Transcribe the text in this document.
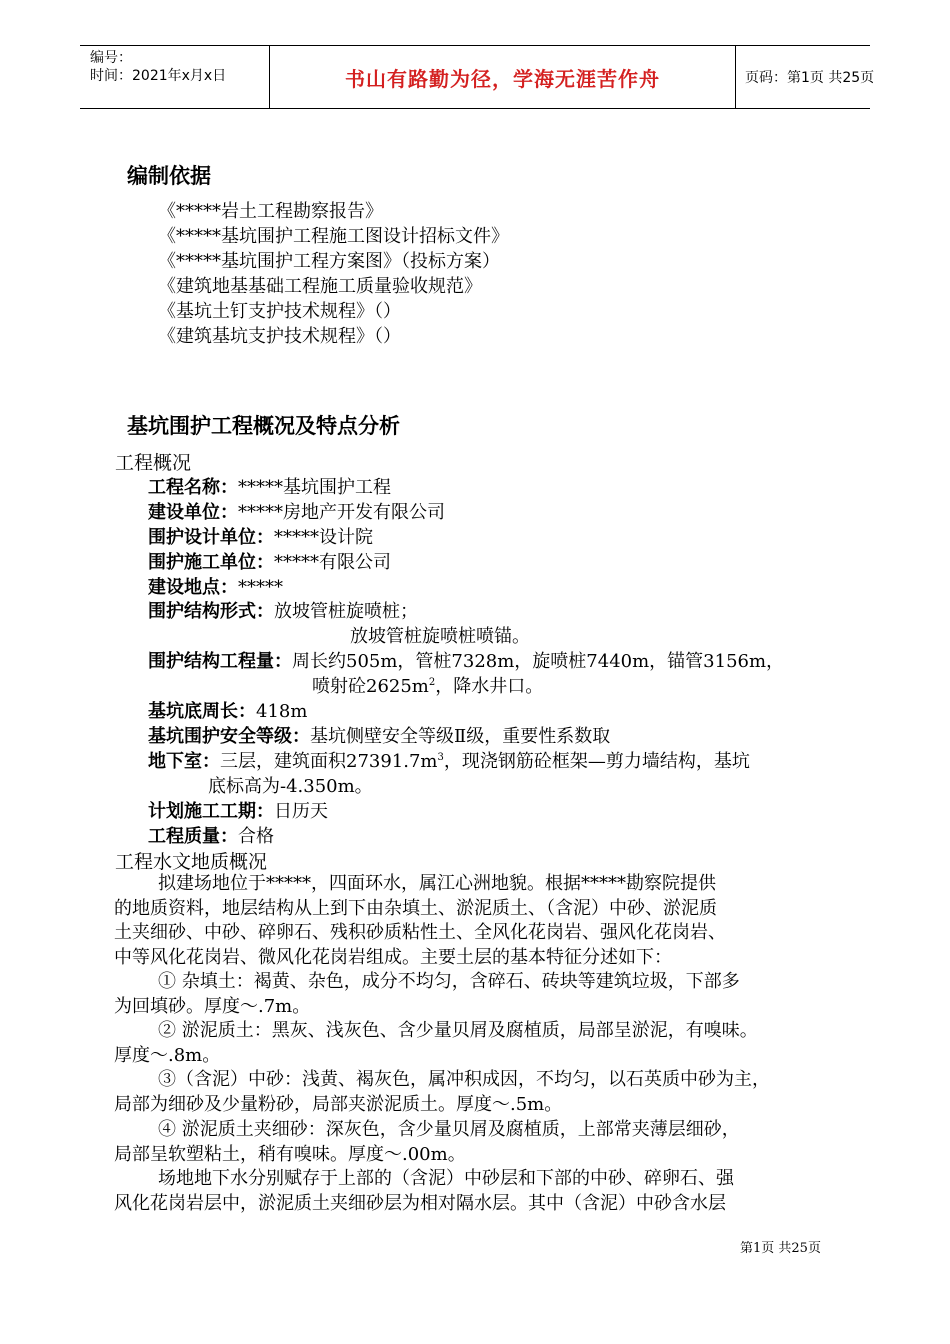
编号：
时间：2021年x月x日	书山有路勤为径，学海无涯苦作舟	页码：第1页 共25页
编制依据
《*****岩土工程勘察报告》
《*****基坑围护工程施工图设计招标文件》
《*****基坑围护工程方案图》（投标方案）
《建筑地基基础工程施工质量验收规范》
《基坑土钉支护技术规程》（）
《建筑基坑支护技术规程》（）
基坑围护工程概况及特点分析
工程概况
工程名称：*****基坑围护工程
建设单位：*****房地产开发有限公司
围护设计单位：*****设计院
围护施工单位：*****有限公司
建设地点：*****
围护结构形式：放坡管桩旋喷桩；
放坡管桩旋喷桩喷锚。
围护结构工程量：周长约505m，管桩7328m，旋喷桩7440m，锚管3156m，
喷射砼$2625m^2$，降水井口。
基坑底周长：418m
基坑围护安全等级：基坑侧壁安全等级Ⅱ级，重要性系数取
地下室：三层，建筑面积$27391.7m^3$，现浇钢筋砼框架—剪力墙结构，基坑
底标高为-4.350m。
计划施工工期：日历天
工程质量：合格
工程水文地质概况
拟建场地位于*****，四面环水，属江心洲地貌。根据*****勘察院提供
的地质资料，地层结构从上到下由杂填土、淤泥质土、（含泥）中砂、淤泥质
土夹细砂、中砂、碎卵石、残积砂质粘性土、全风化花岗岩、强风化花岗岩、
中等风化花岗岩、微风化花岗岩组成。主要土层的基本特征分述如下：
① 杂填土：褐黄、杂色，成分不均匀，含碎石、砖块等建筑垃圾，下部多
为回填砂。厚度～.7m。
② 淤泥质土：黑灰、浅灰色、含少量贝屑及腐植质，局部呈淤泥，有嗅味。
厚度～.8m。
③（含泥）中砂：浅黄、褐灰色，属冲积成因，不均匀，以石英质中砂为主，
局部为细砂及少量粉砂，局部夹淤泥质土。厚度～.5m。
④ 淤泥质土夹细砂：深灰色，含少量贝屑及腐植质，上部常夹薄层细砂，
局部呈软塑粘土，稍有嗅味。厚度～.00m。
场地地下水分别赋存于上部的（含泥）中砂层和下部的中砂、碎卵石、强
风化花岗岩层中，淤泥质土夹细砂层为相对隔水层。其中（含泥）中砂含水层
第1页 共25页
